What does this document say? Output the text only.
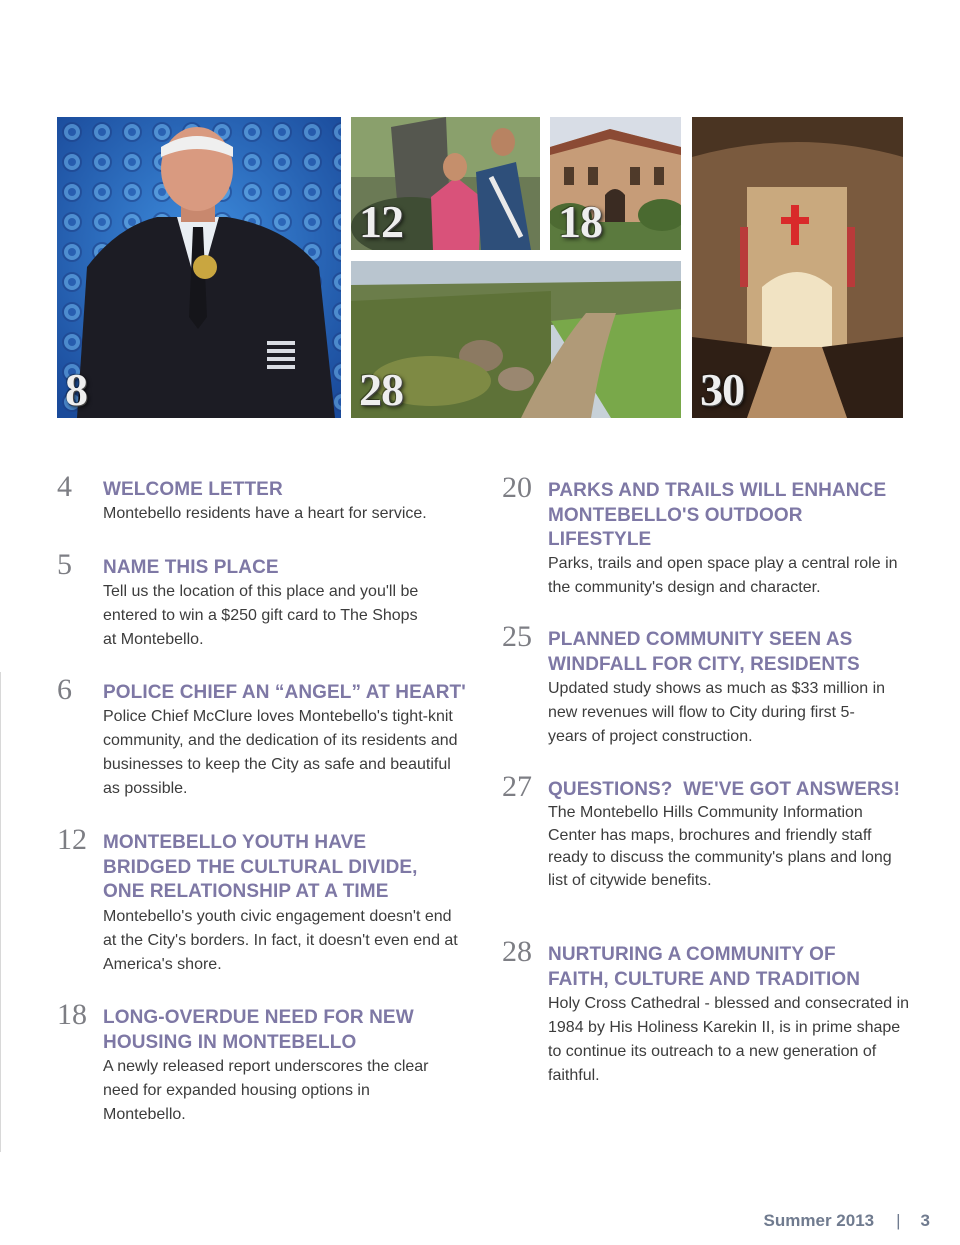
8
12	18
28	30
4 WELCOME LETTER

Montebello residents have a heart for service.

5 NAME THIS PLACE

Tell us the location of this place and you'll be entered to win a $250 gift card to The Shops at Montebello.

6 POLICE CHIEF AN “ANGEL” AT HEART'

Police Chief McClure loves Montebello's tight-knit community, and the dedication of its residents and businesses to keep the City as safe and beautiful as possible.

12 MONTEBELLO YOUTH HAVE BRIDGED THE CULTURAL DIVIDE, ONE RELATIONSHIP AT A TIME

Montebello's youth civic engagement doesn't end at the City's borders. In fact, it doesn't even end at America's shore.

18 LONG-OVERDUE NEED FOR NEW HOUSING IN MONTEBELLO

A newly released report underscores the clear need for expanded housing options in Montebello.

20 PARKS AND TRAILS WILL ENHANCE MONTEBELLO'S OUTDOOR LIFESTYLE

Parks, trails and open space play a central role in the community's design and character.

25 PLANNED COMMUNITY SEEN AS WINDFALL FOR CITY, RESIDENTS

Updated study shows as much as $33 million in new revenues will flow to City during first 5-years of project construction.

27 QUESTIONS?  WE'VE GOT ANSWERS!

The Montebello Hills Community Information Center has maps, brochures and friendly staff ready to discuss the community's plans and long list of citywide benefits.

28 NURTURING A COMMUNITY OF FAITH, CULTURE AND TRADITION

Holy Cross Cathedral - blessed and consecrated in 1984 by His Holiness Karekin II, is in prime shape to continue its outreach to a new generation of faithful.

Summer 2013 | 3
